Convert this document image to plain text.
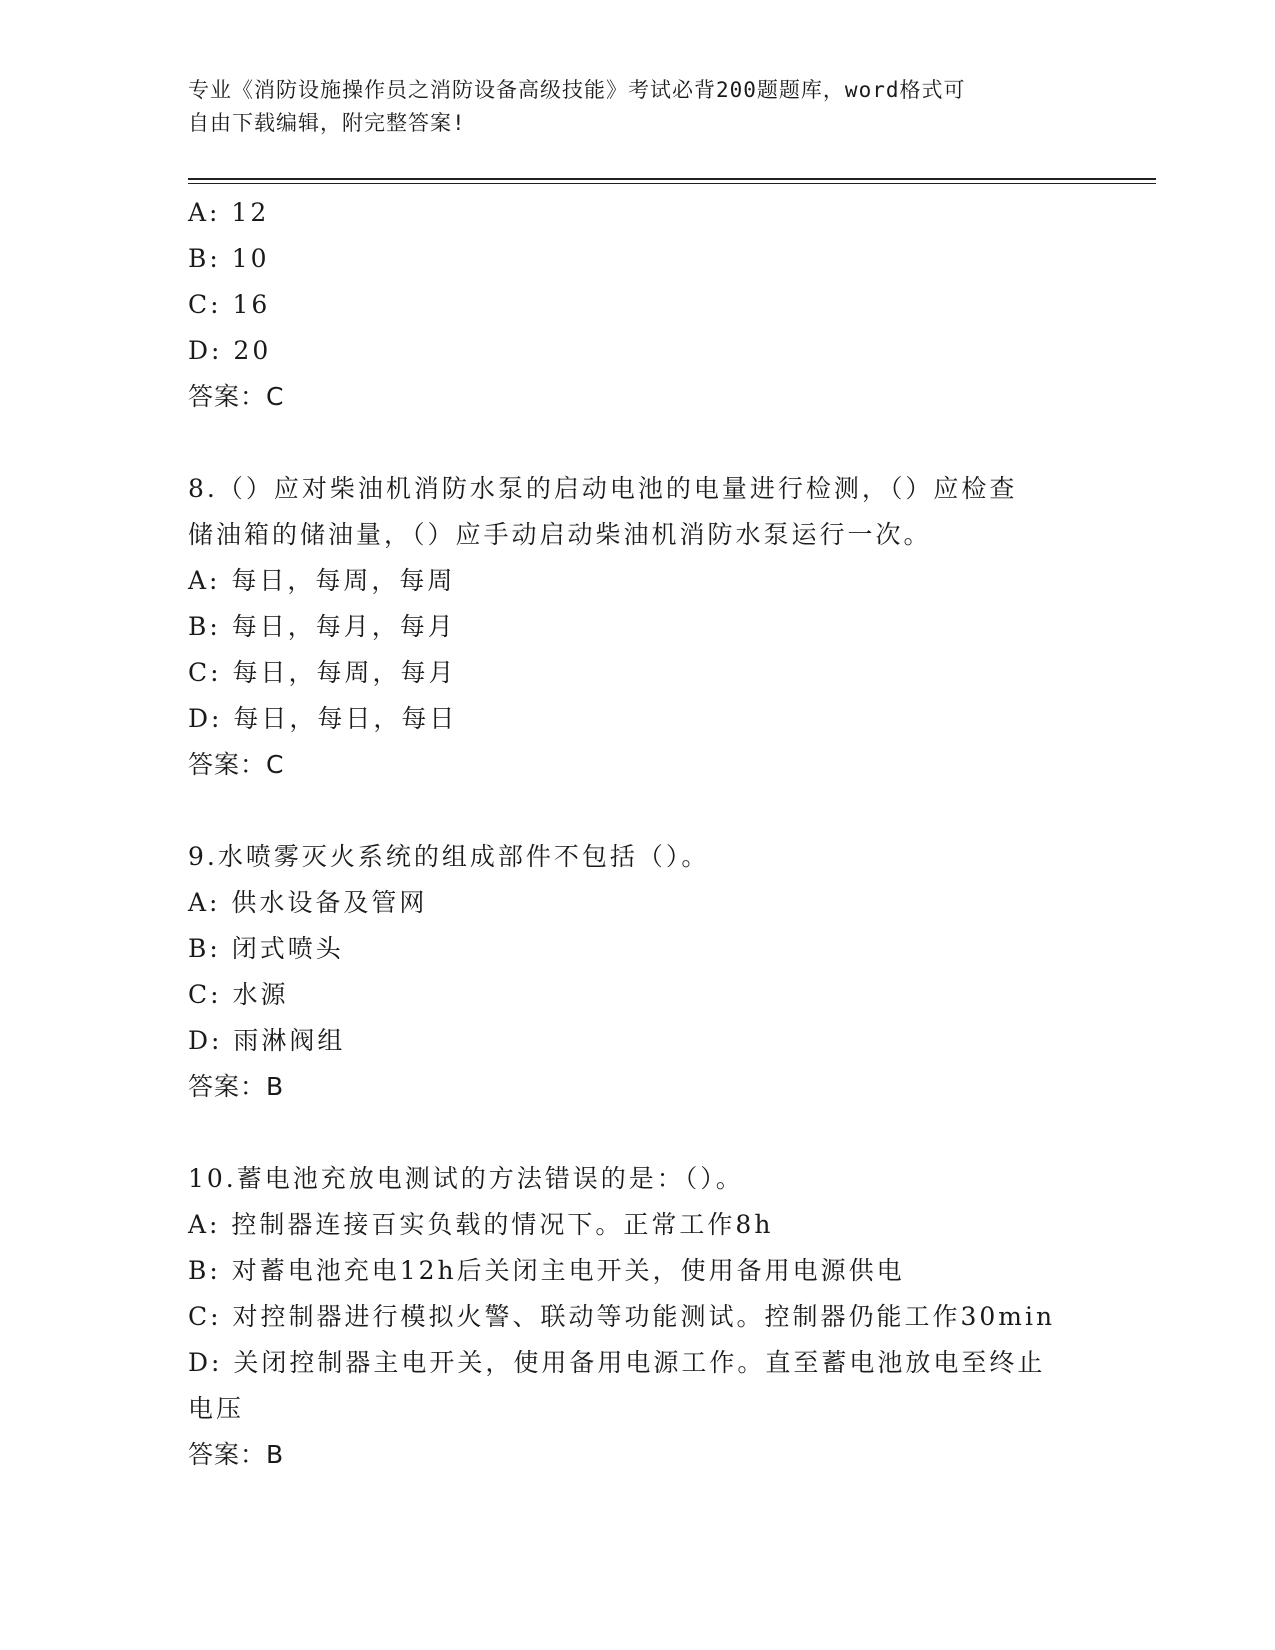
专业《消防设施操作员之消防设备高级技能》考试必背200题题库，word格式可
自由下载编辑，附完整答案!
A: 12
B: 10
C: 16
D: 20
答案：C
8.（）应对柴油机消防水泵的启动电池的电量进行检测，（）应检查
储油箱的储油量，（）应手动启动柴油机消防水泵运行一次。
A: 每日，每周，每周
B: 每日，每月，每月
C: 每日，每周，每月
D: 每日，每日，每日
答案：C
9.水喷雾灭火系统的组成部件不包括（）。
A: 供水设备及管网
B: 闭式喷头
C: 水源
D: 雨淋阀组
答案：B
10.蓄电池充放电测试的方法错误的是：（）。
A: 控制器连接百实负载的情况下。正常工作8h
B: 对蓄电池充电12h后关闭主电开关，使用备用电源供电
C: 对控制器进行模拟火警、联动等功能测试。控制器仍能工作30min
D: 关闭控制器主电开关，使用备用电源工作。直至蓄电池放电至终止
电压
答案：B
